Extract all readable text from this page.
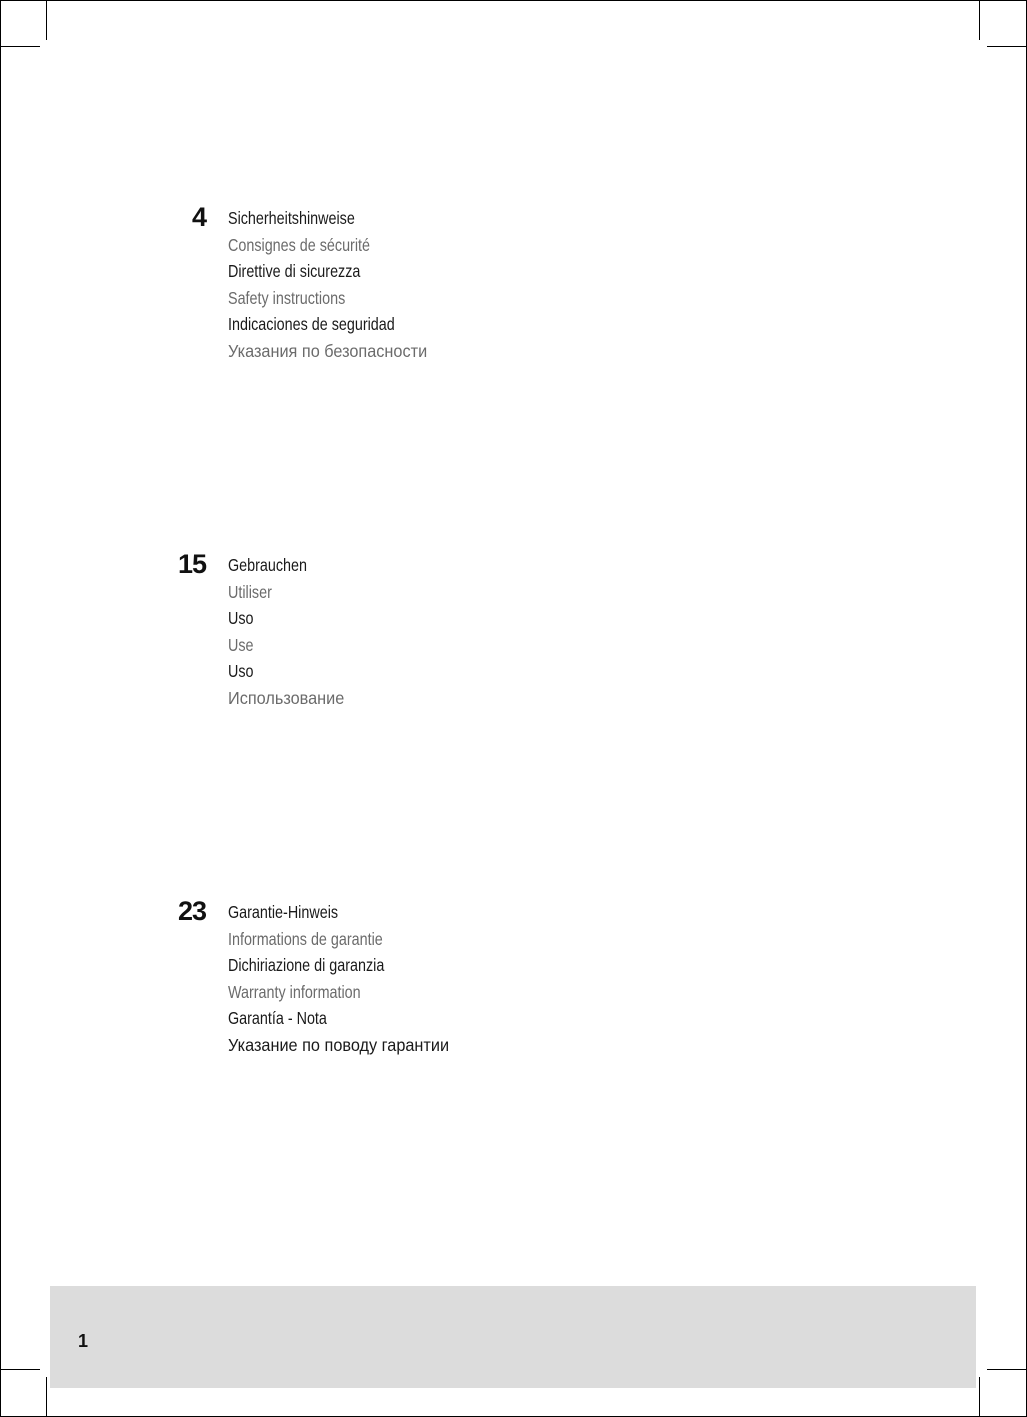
4 Sicherheitshinweise
Consignes de sécurité
Direttive di sicurezza
Safety instructions
Indicaciones de seguridad
Указания по безопасности
15 Gebrauchen
Utiliser
Uso
Use
Uso
Использование
23 Garantie-Hinweis
Informations de garantie
Dichiriazione di garanzia
Warranty information
Garantía - Nota
Указание по поводу гарантии
1
